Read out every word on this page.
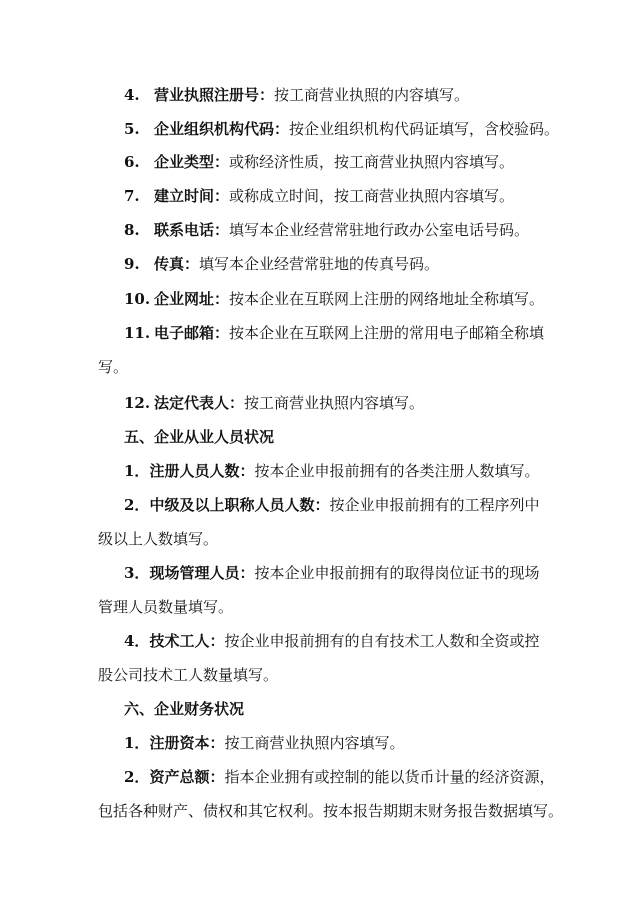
4. 营业执照注册号：按工商营业执照的内容填写。
5. 企业组织机构代码：按企业组织机构代码证填写，含校验码。
6. 企业类型：或称经济性质，按工商营业执照内容填写。
7. 建立时间：或称成立时间，按工商营业执照内容填写。
8. 联系电话：填写本企业经营常驻地行政办公室电话号码。
9. 传真：填写本企业经营常驻地的传真号码。
10. 企业网址：按本企业在互联网上注册的网络地址全称填写。
11. 电子邮箱：按本企业在互联网上注册的常用电子邮箱全称填
写。
12. 法定代表人：按工商营业执照内容填写。
五、企业从业人员状况
1．注册人员人数：按本企业申报前拥有的各类注册人数填写。
2．中级及以上职称人员人数：按企业申报前拥有的工程序列中
级以上人数填写。
3．现场管理人员：按本企业申报前拥有的取得岗位证书的现场
管理人员数量填写。
4．技术工人：按企业申报前拥有的自有技术工人数和全资或控
股公司技术工人数量填写。
六、企业财务状况
1．注册资本：按工商营业执照内容填写。
2．资产总额：指本企业拥有或控制的能以货币计量的经济资源，
包括各种财产、债权和其它权利。按本报告期期末财务报告数据填写。
